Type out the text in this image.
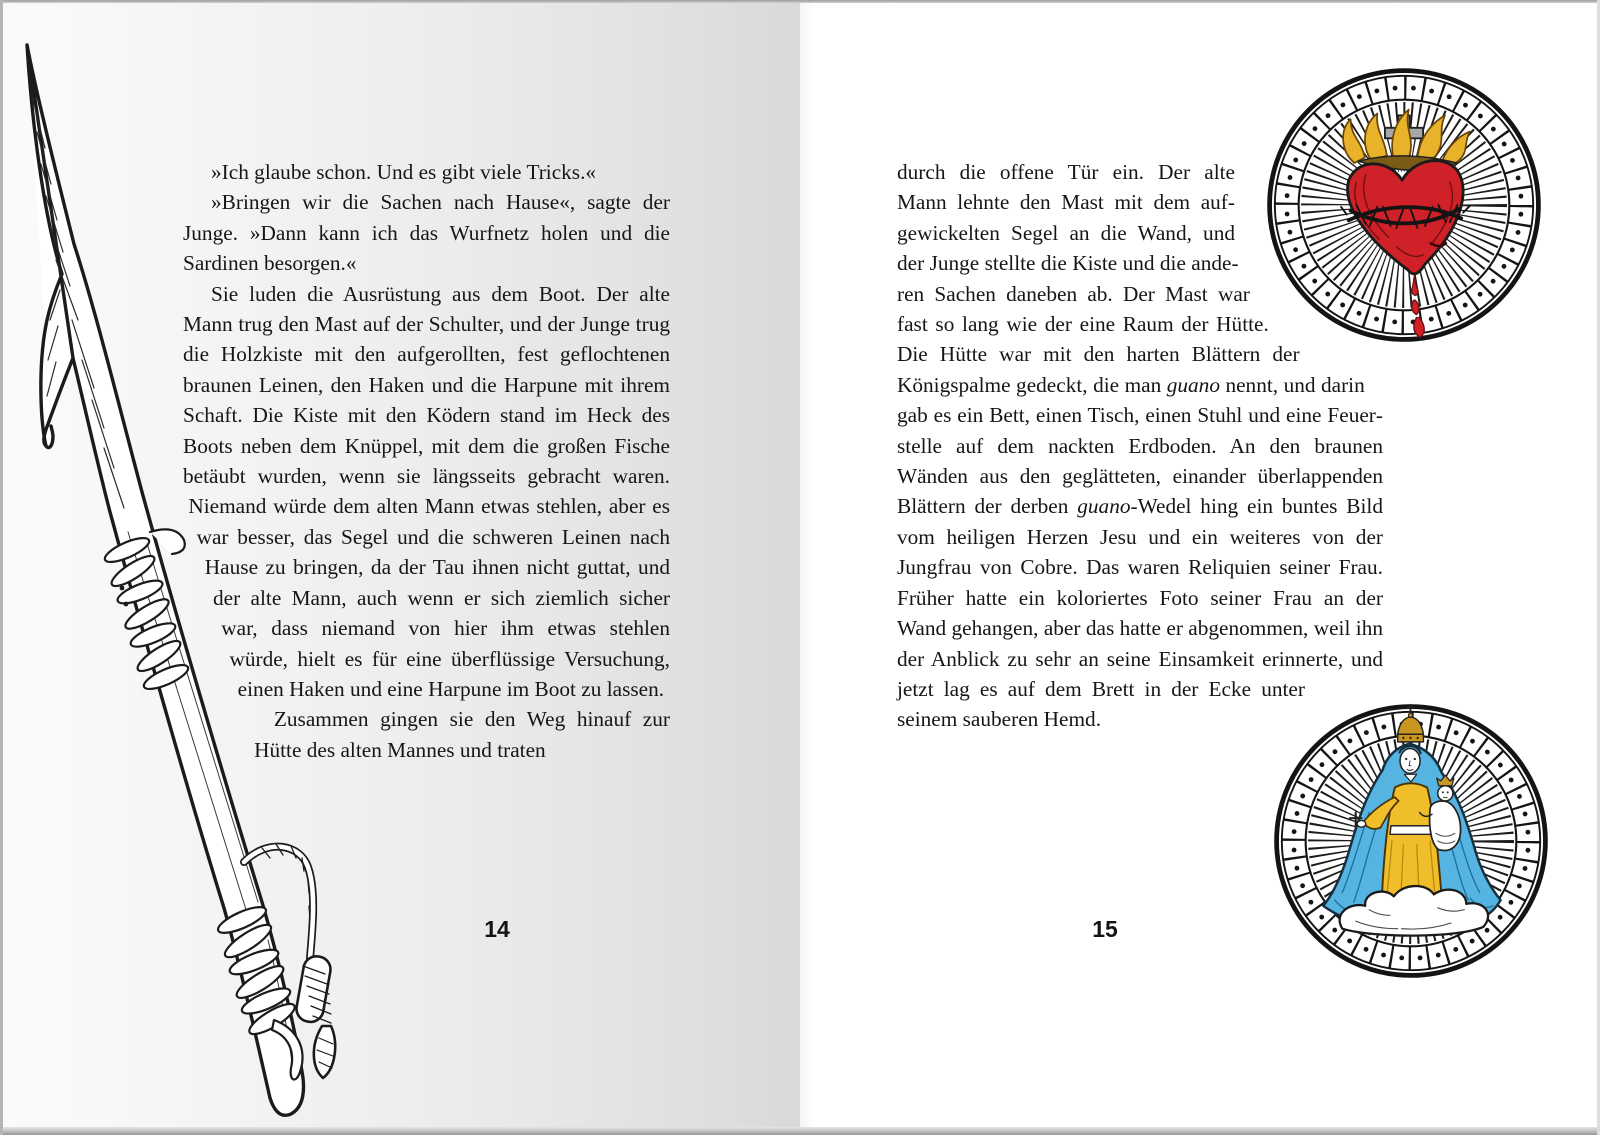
»Ich glaube schon. Und es gibt viele Tricks.«

»Bringen wir die Sachen nach Hause«, sagte der Junge. »Dann kann ich das Wurfnetz holen und die Sardinen besorgen.«

Sie luden die Ausrüstung aus dem Boot. Der alte Mann trug den Mast auf der Schulter, und der Junge trug die Holzkiste mit den aufgerollten, fest geflochtenen braunen Leinen, den Haken und die Harpune mit ihrem Schaft. Die Kiste mit den Ködern stand im Heck des Boots neben dem Knüppel, mit dem die großen Fische betäubt wurden, wenn sie längsseits gebracht waren. Niemand würde dem alten Mann etwas stehlen, aber es war besser, das Segel und die schweren Leinen nach Hause zu bringen, da der Tau ihnen nicht guttat, und der alte Mann, auch wenn er sich ziemlich sicher war, dass niemand von hier ihm etwas stehlen würde, hielt es für eine überflüssige Versuchung, einen Haken und eine Harpune im Boot zu lassen.

Zusammen gingen sie den Weg hinauf zur Hütte des alten Mannes und traten

durch die offene Tür ein. Der alte Mann lehnte den Mast mit dem aufgewickelten Segel an die Wand, und der Junge stellte die Kiste und die anderen Sachen daneben ab. Der Mast war fast so lang wie der eine Raum der Hütte. Die Hütte war mit den harten Blättern der Königspalme gedeckt, die man guano nennt, und darin gab es ein Bett, einen Tisch, einen Stuhl und eine Feuerstelle auf dem nackten Erdboden. An den braunen Wänden aus den geglätteten, einander überlappenden Blättern der derben guano-Wedel hing ein buntes Bild vom heiligen Herzen Jesu und ein weiteres von der Jungfrau von Cobre. Das waren Reliquien seiner Frau. Früher hatte ein koloriertes Foto seiner Frau an der Wand gehangen, aber das hatte er abgenommen, weil ihn der Anblick zu sehr an seine Einsamkeit erinnerte, und jetzt lag es auf dem Brett in der Ecke unter seinem sauberen Hemd.

14	15
